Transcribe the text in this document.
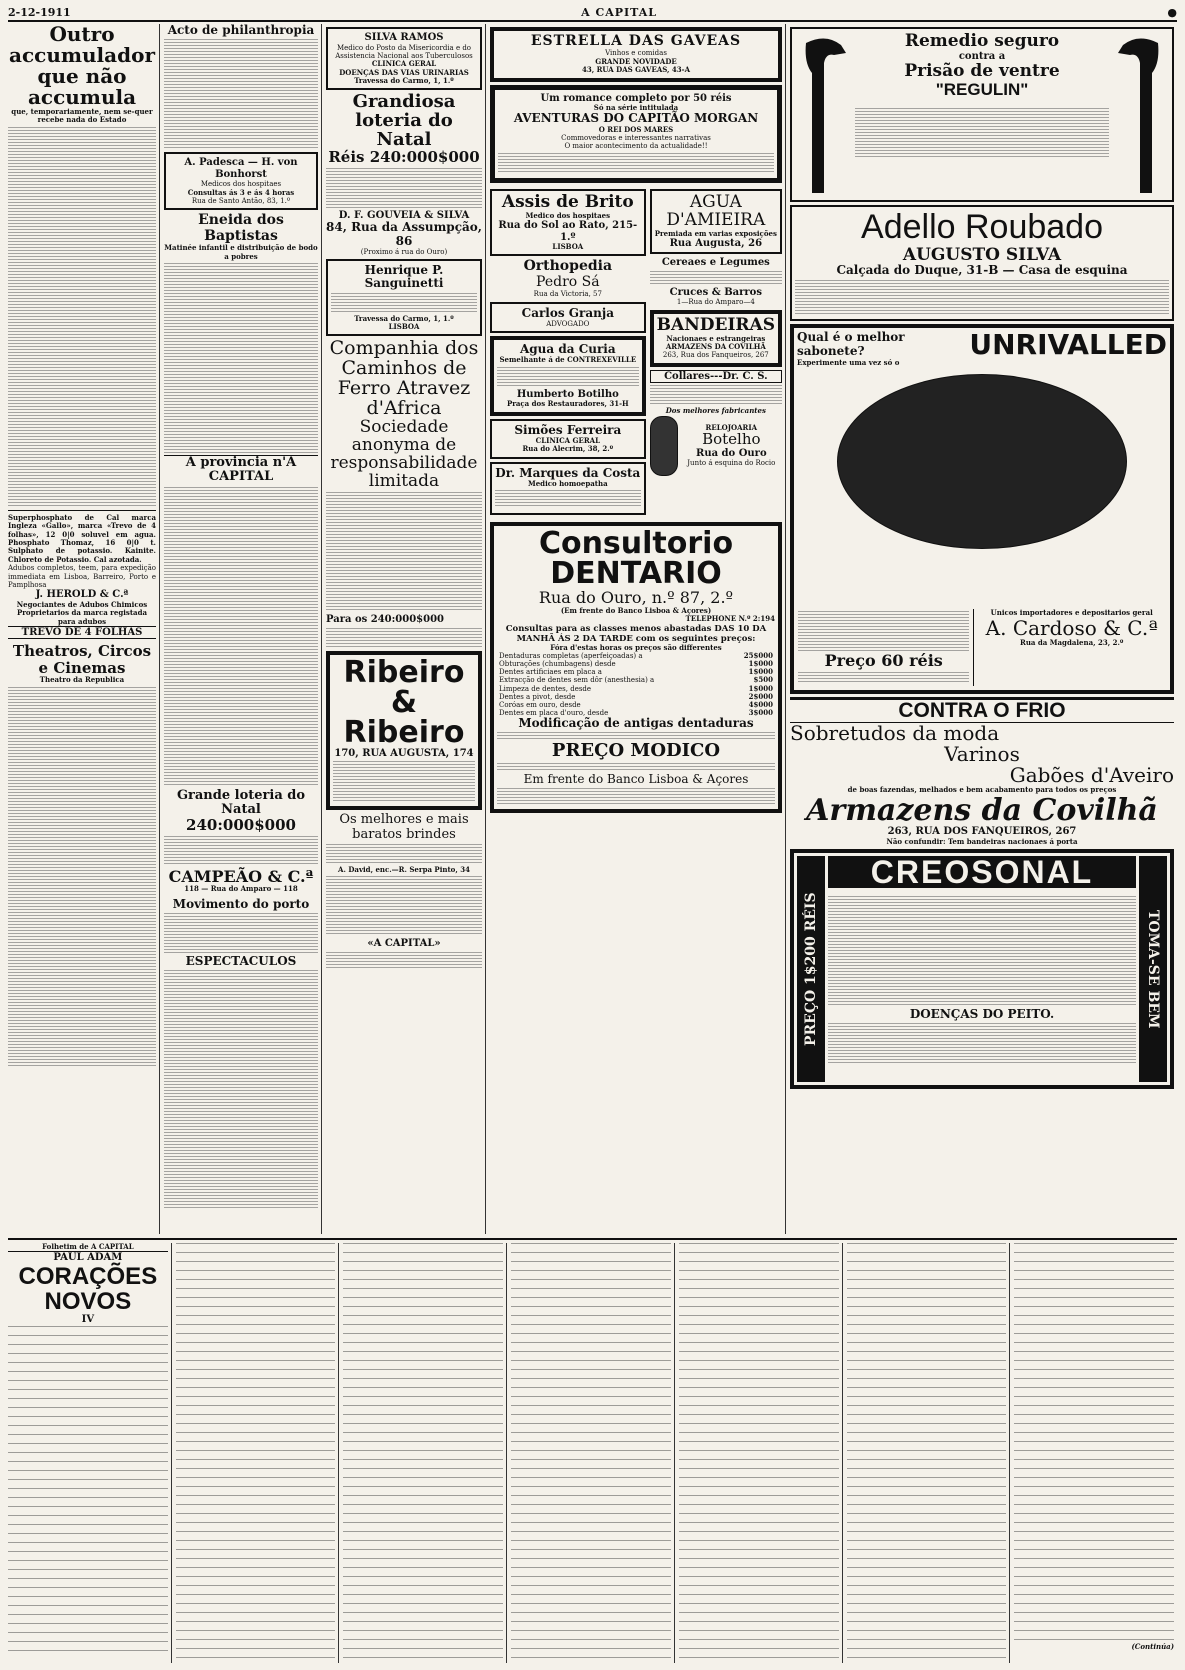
2-12-1911	A CAPITAL	●
Outro accumulador
que não accumula
que, temporariamente, nem se-quer recebe nada do Estado
Superphosphato de Cal marca Ingleza «Gallo», marca «Trevo de 4 folhas», 12 0|0 soluvel em agua. Phosphato Thomaz, 16 0|0 t. Sulphato de potassio. Kainite. Chloreto de Potassio. Cal azotada.
Adubos completos, teem, para expedição immediata em Lisboa, Barreiro, Porto e Pamplhosa
J. HEROLD & C.ª
Negociantes de Adubos Chimicos Proprietarios da marca registada para adubos
TREVO DE 4 FOLHAS
Theatros, Circos e Cinemas
Theatro da Republica
Acto de philanthropia
A. Padesca — H. von Bonhorst
Medicos dos hospitaes
Consultas ás 3 e ás 4 horas
Rua de Santo Antão, 83, 1.º
Eneida dos Baptistas
Matinée infantil e distribuição de bodo a pobres
A provincia n'A CAPITAL
Grande loteria do Natal
240:000$000
CAMPEÃO & C.ª
118 — Rua do Amparo — 118
Movimento do porto
ESPECTACULOS
SILVA RAMOS
Medico do Posto da Misericordia e do Assistencia Nacional aos Tuberculosos
CLINICA GERAL
DOENÇAS DAS VIAS URINARIAS
Travessa do Carmo, 1, 1.º
Grandiosa loteria do Natal
Réis 240:000$000
D. F. GOUVEIA & SILVA
84, Rua da Assumpção, 86
(Proximo á rua do Ouro)
Henrique P. Sanguinetti
Travessa do Carmo, 1, 1.º
LISBOA
Companhia dos Caminhos de Ferro Atravez d'Africa
Sociedade anonyma de responsabilidade limitada
Para os 240:000$000
Ribeiro & Ribeiro
170, RUA AUGUSTA, 174
Os melhores e mais baratos brindes
A. David, enc.—R. Serpa Pinto, 34
«A CAPITAL»
ESTRELLA DAS GAVEAS
Vinhos e comidas
GRANDE NOVIDADE
43, RUA DAS GAVEAS, 43-A
Um romance completo por 50 réis
Só na série intitulada
AVENTURAS DO CAPITÃO MORGAN
O REI DOS MARES
Commovedoras e interessantes narrativas
O maior acontecimento da actualidade!!
Assis de Brito
Medico dos hospitaes
Rua do Sol ao Rato, 215-1.º
LISBOA
Orthopedia
Pedro Sá
Rua da Victoria, 57
Carlos Granja
ADVOGADO
Agua da Curia
Semelhante á de CONTREXEVILLE
Humberto Botilho
Praça dos Restauradores, 31-H
Simões Ferreira
CLINICA GERAL
Rua do Alecrim, 38, 2.º
Dr. Marques da Costa
Medico homoepatha
AGUA D'AMIEIRA
Premiada em varias exposições
Rua Augusta, 26
Cereaes e Legumes
Cruces & Barros
1—Rua do Amparo—4
BANDEIRAS
Nacionaes e estrangeiras
ARMAZENS DA COVILHÃ
263, Rua dos Fanqueiros, 267
Collares---Dr. C. S.
Dos melhores fabricantes
RELOJOARIA
Botelho
Rua do Ouro
Junto á esquina do Rocio
Consultorio DENTARIO
Rua do Ouro, n.º 87, 2.º
(Em frente do Banco Lisboa & Açores)
TELEPHONE N.º 2:194
Consultas para as classes menos abastadas DAS 10 DA MANHÃ ÁS 2 DA TARDE com os seguintes preços:
Fóra d'estas horas os preços são differentes
Dentaduras completas (aperfeiçoadas) a	25$000
Obturações (chumbagens) desde	1$000
Dentes artificiaes em placa a	1$000
Extracção de dentes sem dôr (anesthesia) a	$500
Limpeza de dentes, desde	1$000
Dentes a pivot, desde	2$000
Coróas em ouro, desde	4$000
Dentes em placa d'ouro, desde	3$000
Modificação de antigas dentaduras
PREÇO MODICO
Em frente do Banco Lisboa & Açores
Remedio seguro
contra a
Prisão de ventre
"REGULIN"
Adello Roubado
AUGUSTO SILVA
Calçada do Duque, 31-B — Casa de esquina
Qual é o melhor sabonete?	UNRIVALLED
Experimente uma vez só o
Preço 60 réis
Unicos importadores e depositarios geral
A. Cardoso & C.ª
Rua da Magdalena, 23, 2.º
CONTRA O FRIO
Sobretudos da moda
Varinos
Gabões d'Aveiro
de boas fazendas, melhados e bem acabamento para todos os preços
Armazens da Covilhã
263, RUA DOS FANQUEIROS, 267
Não confundir: Tem bandeiras nacionaes á porta
PREÇO 1$200 RÉIS
CREOSONAL
DOENÇAS DO PEITO.	TOMA-SE BEM
Folhetim de A CAPITAL
PAUL ADAM
CORAÇÕES NOVOS
IV
(Continúa)
